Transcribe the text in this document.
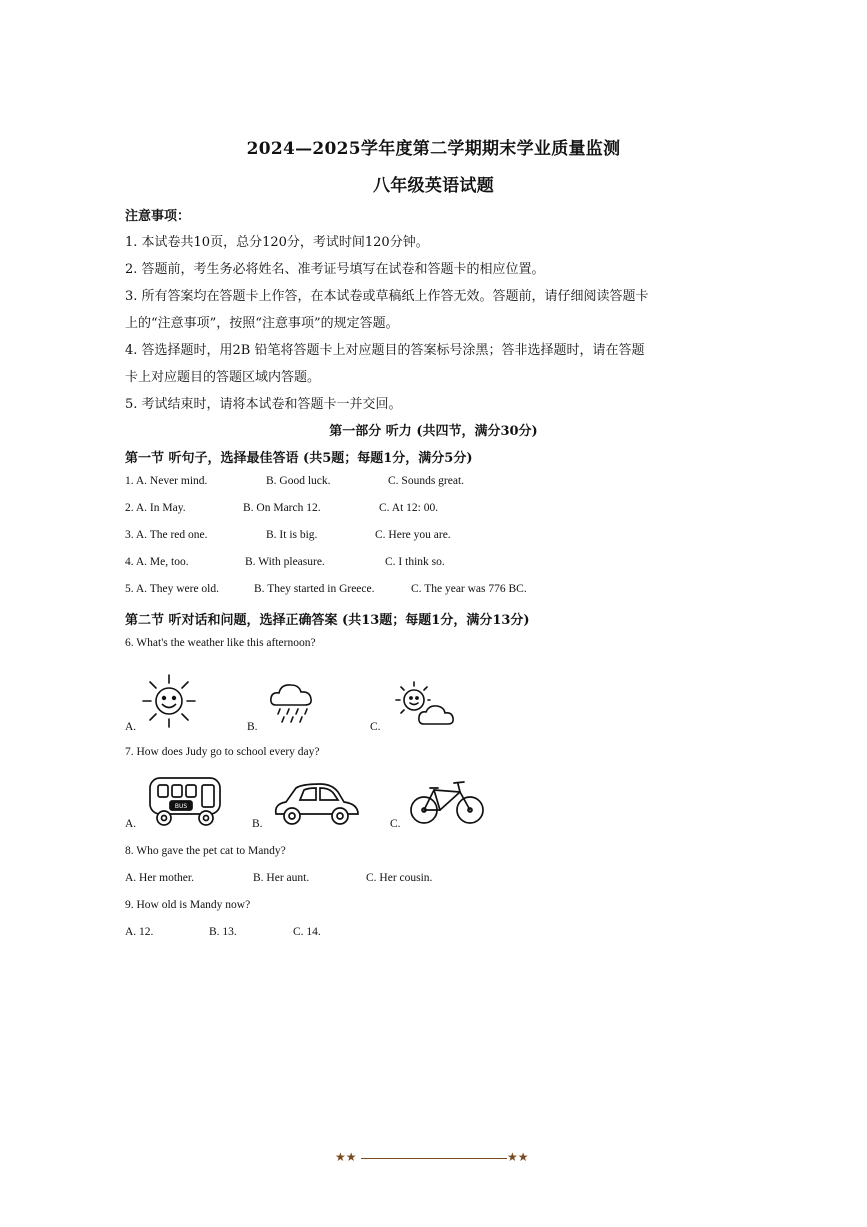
2024—2025学年度第二学期期末学业质量监测
八年级英语试题
注意事项：
1. 本试卷共10页，总分120分，考试时间120分钟。
2. 答题前，考生务必将姓名、准考证号填写在试卷和答题卡的相应位置。
3. 所有答案均在答题卡上作答，在本试卷或草稿纸上作答无效。答题前，请仔细阅读答题卡
上的“注意事项”，按照“注意事项”的规定答题。
4. 答选择题时，用2B 铅笔将答题卡上对应题目的答案标号涂黑；答非选择题时，请在答题
卡上对应题目的答题区域内答题。
5. 考试结束时，请将本试卷和答题卡一并交回。
第一部分 听力 (共四节，满分30分)
第一节 听句子，选择最佳答语 (共5题；每题1分，满分5分)
1. A. Never mind.	B. Good luck.	C. Sounds great.
2. A. In May.	B. On March 12.	C. At 12: 00.
3. A. The red one.	B. It is big.	C. Here you are.
4. A. Me, too.	B. With pleasure.	C. I think so.
5. A. They were old.	B. They started in Greece.	C. The year was 776 BC.
第二节 听对话和问题，选择正确答案 (共13题；每题1分，满分13分)
6. What's the weather like this afternoon?
A.	B.	C.
7. How does Judy go to school every day?
A.
BUS
B.	C.
8. Who gave the pet cat to Mandy?
A. Her mother.	B. Her aunt.	C. Her cousin.
9. How old is Mandy now?
A. 12.	B. 13.	C. 14.
★★	★★
